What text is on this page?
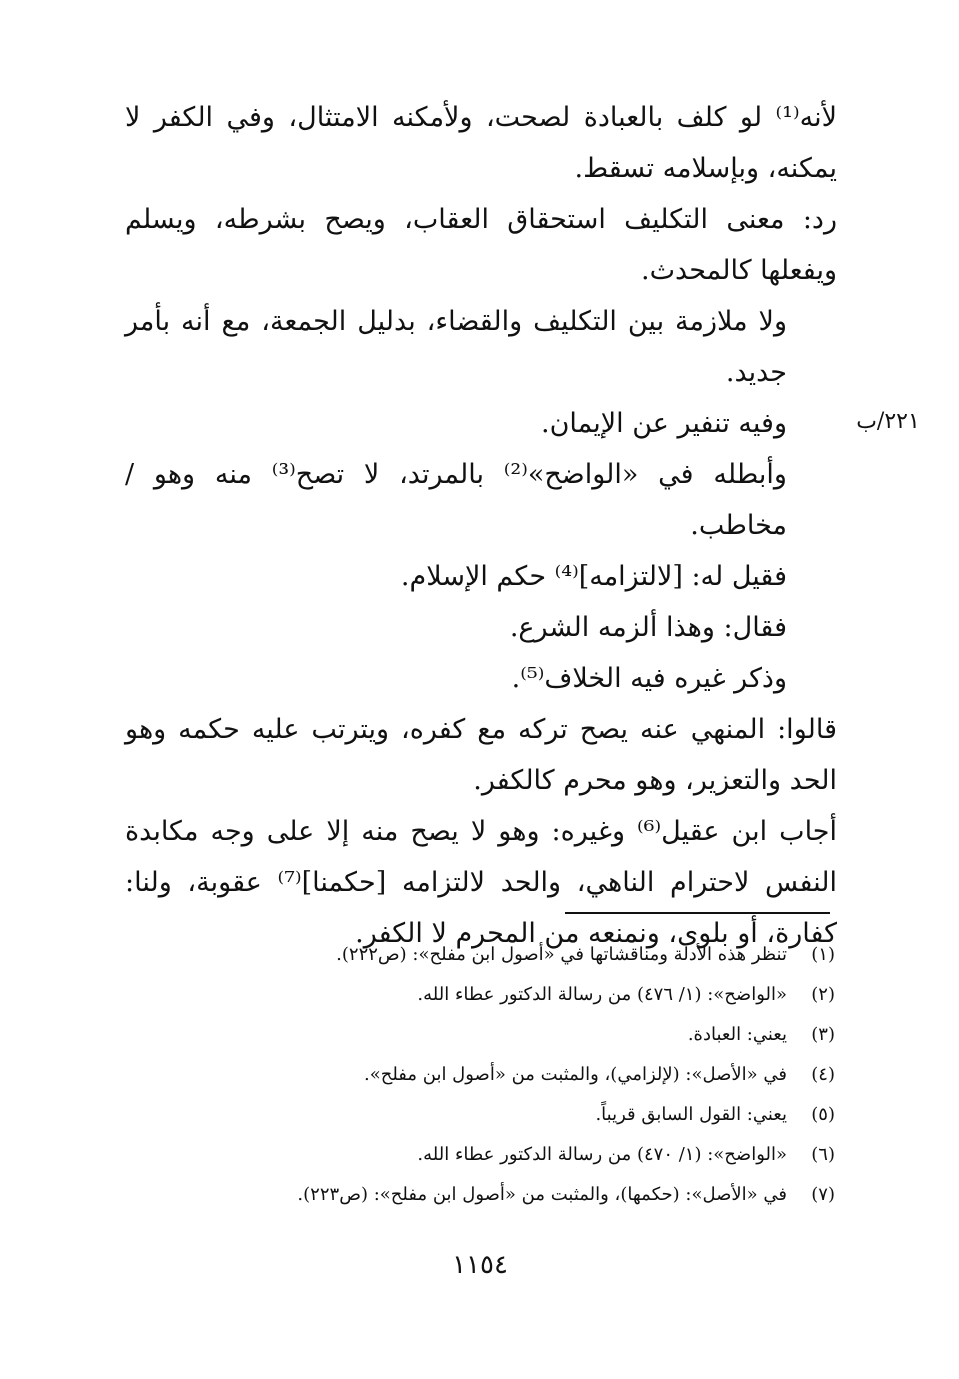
٢٢١/ب

لأنه⁽¹⁾ لو كلف بالعبادة لصحت، ولأمكنه الامتثال، وفي الكفر لا يمكنه، وبإسلامه تسقط.

رد: معنى التكليف استحقاق العقاب، ويصح بشرطه، ويسلم ويفعلها كالمحدث.

ولا ملازمة بين التكليف والقضاء، بدليل الجمعة، مع أنه بأمر جديد.

وفيه تنفير عن الإيمان.

وأبطله في «الواضح»⁽²⁾ بالمرتد، لا تصح⁽³⁾ منه وهو / مخاطب.

فقيل له: [لالتزامه]⁽⁴⁾ حكم الإسلام.

فقال: وهذا ألزمه الشرع.

وذكر غيره فيه الخلاف⁽⁵⁾.

قالوا: المنهي عنه يصح تركه مع كفره، ويترتب عليه حكمه وهو الحد والتعزير، وهو محرم كالكفر.

أجاب ابن عقيل⁽⁶⁾ وغيره: وهو لا يصح منه إلا على وجه مكابدة النفس لاحترام الناهي، والحد لالتزامه [حكمنا]⁽⁷⁾ عقوبة، ولنا: كفارة، أو بلوى، ونمنعه من المحرم لا الكفر.

(١)
تنظر هذه الأدلة ومناقشاتها في «أصول ابن مفلح»: (ص٢٢٢).
(٢)
«الواضح»: (١/ ٤٧٦) من رسالة الدكتور عطاء الله.
(٣)
يعني: العبادة.
(٤)
في «الأصل»: (لإلزامي)، والمثبت من «أصول ابن مفلح».
(٥)
يعني: القول السابق قريباً.
(٦)
«الواضح»: (١/ ٤٧٠) من رسالة الدكتور عطاء الله.
(٧)
في «الأصل»: (حكمها)، والمثبت من «أصول ابن مفلح»: (ص٢٢٣).
١١٥٤
